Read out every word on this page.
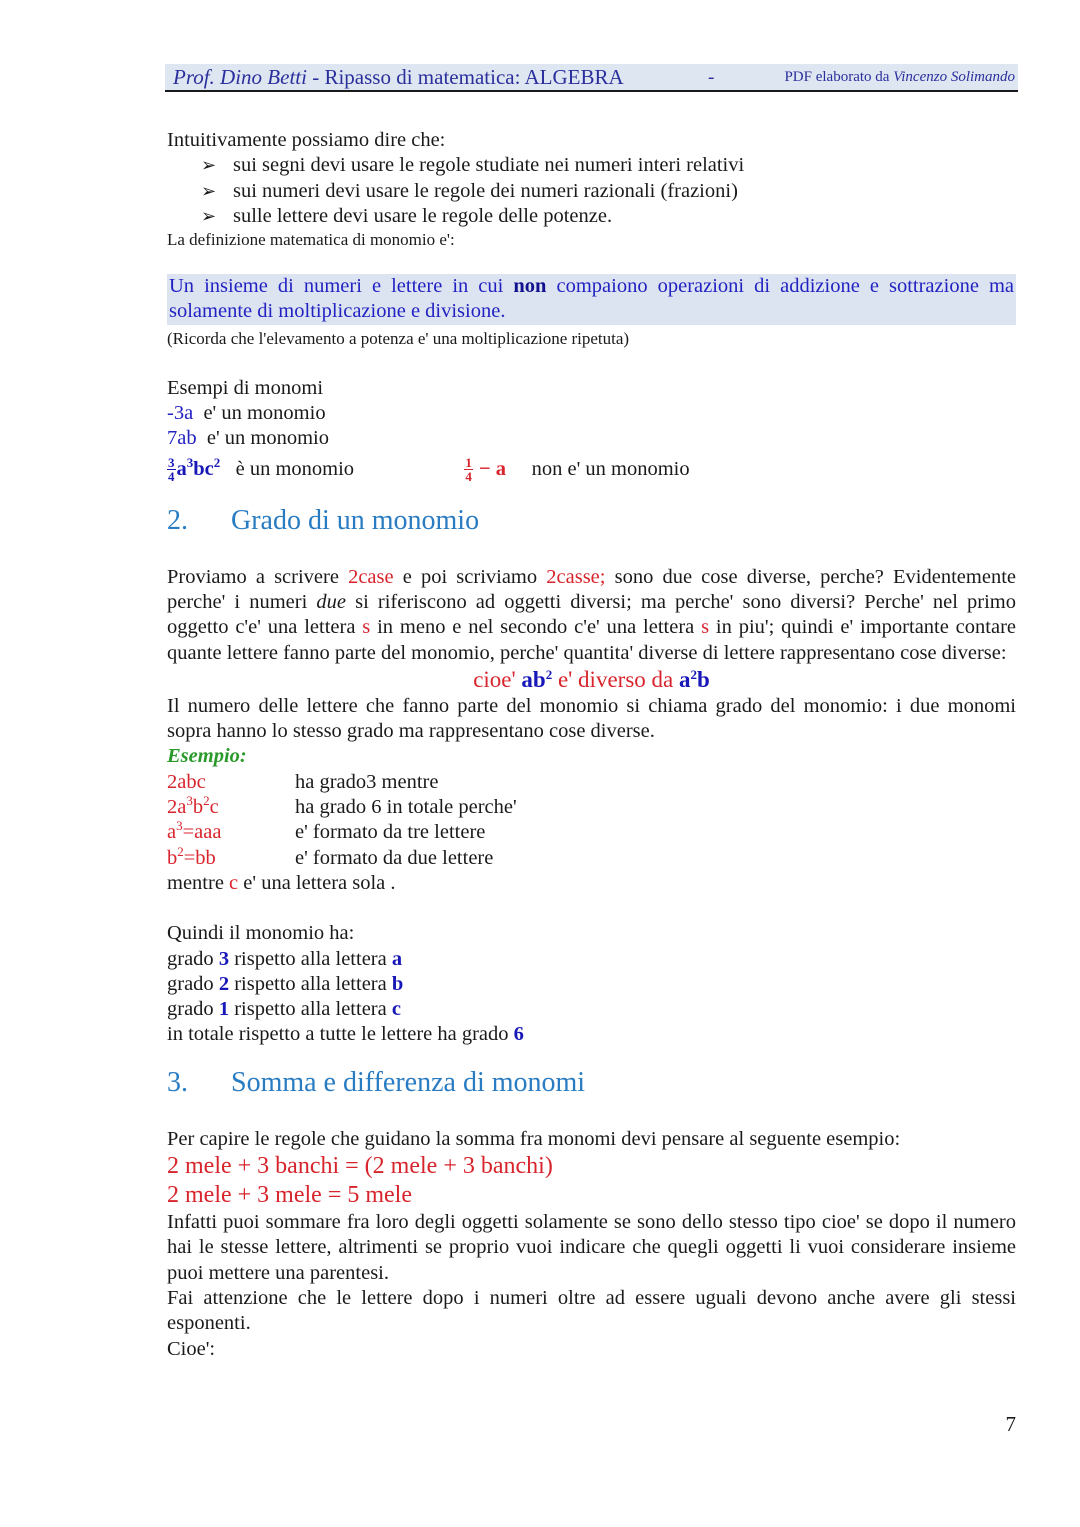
Prof. Dino Betti - Ripasso di matematica: ALGEBRA	-	PDF elaborato da Vincenzo Solimando

Intuitivamente possiamo dire che:

➢ sui segni devi usare le regole studiate nei numeri interi relativi
➢ sui numeri devi usare le regole dei numeri razionali (frazioni)
➢ sulle lettere devi usare le regole delle potenze.

La definizione matematica di monomio e':

Un insieme di numeri e lettere in cui non compaiono operazioni di addizione e sottrazione ma solamente di moltiplicazione e divisione.

(Ricorda che l'elevamento a potenza e' una moltiplicazione ripetuta)

Esempi di monomi

-3a e' un monomio

7ab e' un monomio

$\frac{3}{4} a^3bc^2$ è un monomio	$\frac{1}{4} - a$ non e' un monomio

2. Grado di un monomio

Proviamo a scrivere 2case e poi scriviamo 2casse; sono due cose diverse, perche? Evidentemente perche' i numeri due si riferiscono ad oggetti diversi; ma perche' sono diversi? Perche' nel primo oggetto c'e' una lettera s in meno e nel secondo c'e' una lettera s in piu'; quindi e' importante contare quante lettere fanno parte del monomio, perche' quantita' diverse di lettere rappresentano cose diverse:

cioe' $ab^2$ e' diverso da $a^2b$

Il numero delle lettere che fanno parte del monomio si chiama grado del monomio: i due monomi sopra hanno lo stesso grado ma rappresentano cose diverse.

Esempio:

2abc	ha grado3 mentre
$2a^3b^2c$	ha grado 6 in totale perche'
$a^3=aaa$	e' formato da tre lettere
$b^2=bb$	e' formato da due lettere

mentre c e' una lettera sola .

Quindi il monomio ha:

grado 3 rispetto alla lettera a

grado 2 rispetto alla lettera b

grado 1 rispetto alla lettera c

in totale rispetto a tutte le lettere ha grado 6

3. Somma e differenza di monomi

Per capire le regole che guidano la somma fra monomi devi pensare al seguente esempio:

2 mele + 3 banchi = (2 mele + 3 banchi)

2 mele + 3 mele = 5 mele

Infatti puoi sommare fra loro degli oggetti solamente se sono dello stesso tipo cioe' se dopo il numero hai le stesse lettere, altrimenti se proprio vuoi indicare che quegli oggetti li vuoi considerare insieme puoi mettere una parentesi.

Fai attenzione che le lettere dopo i numeri oltre ad essere uguali devono anche avere gli stessi esponenti.

Cioe':

7
